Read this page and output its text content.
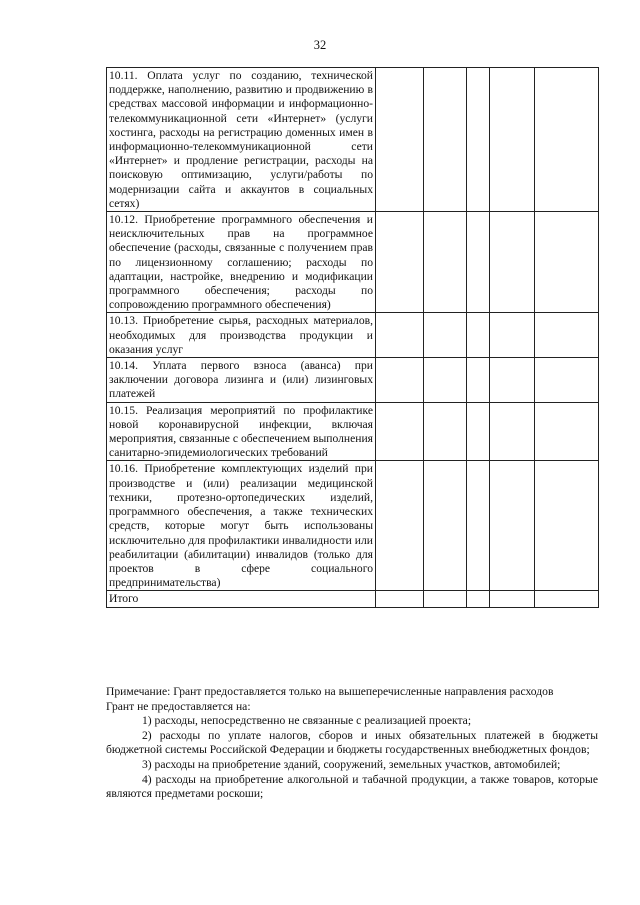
32
10.11. Оплата услуг по созданию, технической поддержке, наполнению, развитию и продвижению в средствах массовой информации и информационно-телекоммуникационной сети «Интернет» (услуги хостинга, расходы на регистрацию доменных имен в информационно-телекоммуникационной сети «Интернет» и продление регистрации, расходы на поисковую оптимизацию, услуги/работы по модернизации сайта и аккаунтов в социальных сетях)					
10.12. Приобретение программного обеспечения и неисключительных прав на программное обеспечение (расходы, связанные с получением прав по лицензионному соглашению; расходы по адаптации, настройке, внедрению и модификации программного обеспечения; расходы по сопровождению программного обеспечения)					
10.13. Приобретение сырья, расходных материалов, необходимых для производства продукции и оказания услуг					
10.14. Уплата первого взноса (аванса) при заключении договора лизинга и (или) лизинговых платежей					
10.15. Реализация мероприятий по профилактике новой коронавирусной инфекции, включая мероприятия, связанные с обеспечением выполнения санитарно-эпидемиологических требований					
10.16. Приобретение комплектующих изделий при производстве и (или) реализации медицинской техники, протезно-ортопедических изделий, программного обеспечения, а также технических средств, которые могут быть использованы исключительно для профилактики инвалидности или реабилитации (абилитации) инвалидов (только для проектов в сфере социального предпринимательства)					
Итого					

Примечание: Грант предоставляется только на вышеперечисленные направления расходов

Грант не предоставляется на:

1) расходы, непосредственно не связанные с реализацией проекта;

2) расходы по уплате налогов, сборов и иных обязательных платежей в бюджеты бюджетной системы Российской Федерации и бюджеты государственных внебюджетных фондов;

3) расходы на приобретение зданий, сооружений, земельных участков, автомобилей;

4) расходы на приобретение алкогольной и табачной продукции, а также товаров, которые являются предметами роскоши;
